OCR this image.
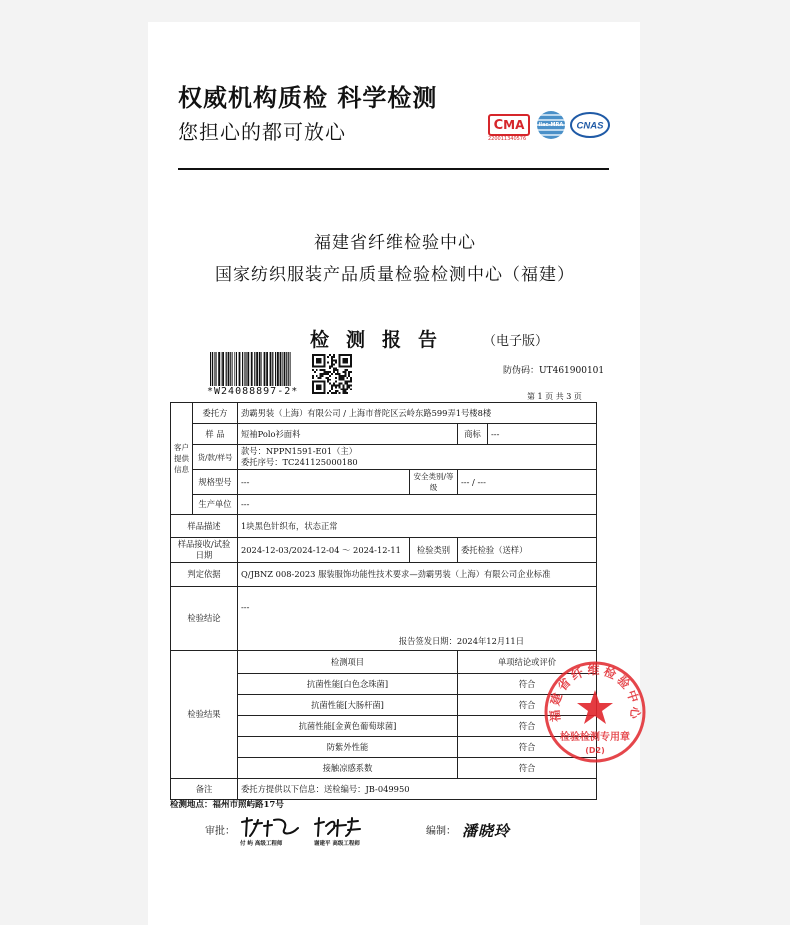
权威机构质检 科学检测
您担心的都可放心	CMA
220011340576
ilac-MRA CNAS
福建省纤维检验中心
国家纺织服装产品质量检验检测中心（福建）
检测报告 （电子版）
*W24088897-2*
防伪码：UT461900101
第 1 页 共 3 页
客户提供信息	委托方	劲霸男装（上海）有限公司 / 上海市普陀区云岭东路599弄1号楼8楼			
	样 品	短袖Polo衫面料		商标	---
	货/款/样号	款号：NPPN1591-E01（主）
委托序号：TC241125000180			

	规格型号	---	安全类别/等级	--- / ---	
	生产单位	---			
样品描述		1块黑色针织布，状态正常			
样品接收/试验日期		2024-12-03/2024-12-04 ～ 2024-12-11	检验类别	委托检验（送样）	
判定依据		Q/JBNZ 008-2023 服装服饰功能性技术要求—劲霸男装（上海）有限公司企业标准			
检验结论		---
报告签发日期：2024年12月11日			

检验结果		检测项目		单项结论或评价	
		抗菌性能[白色念珠菌]		符合	
		抗菌性能[大肠杆菌]		符合	
		抗菌性能[金黄色葡萄球菌]		符合	
		防紫外性能		符合	
		接触凉感系数		符合	
备注		委托方提供以下信息：送检编号：JB-049950			
检测地点：福州市照屿路17号
审批：
付 屿 高级工程师	谢建平 高级工程师
编制： 潘晓玲
福建省纤维检验中心
检验检测专用章
(D2)
